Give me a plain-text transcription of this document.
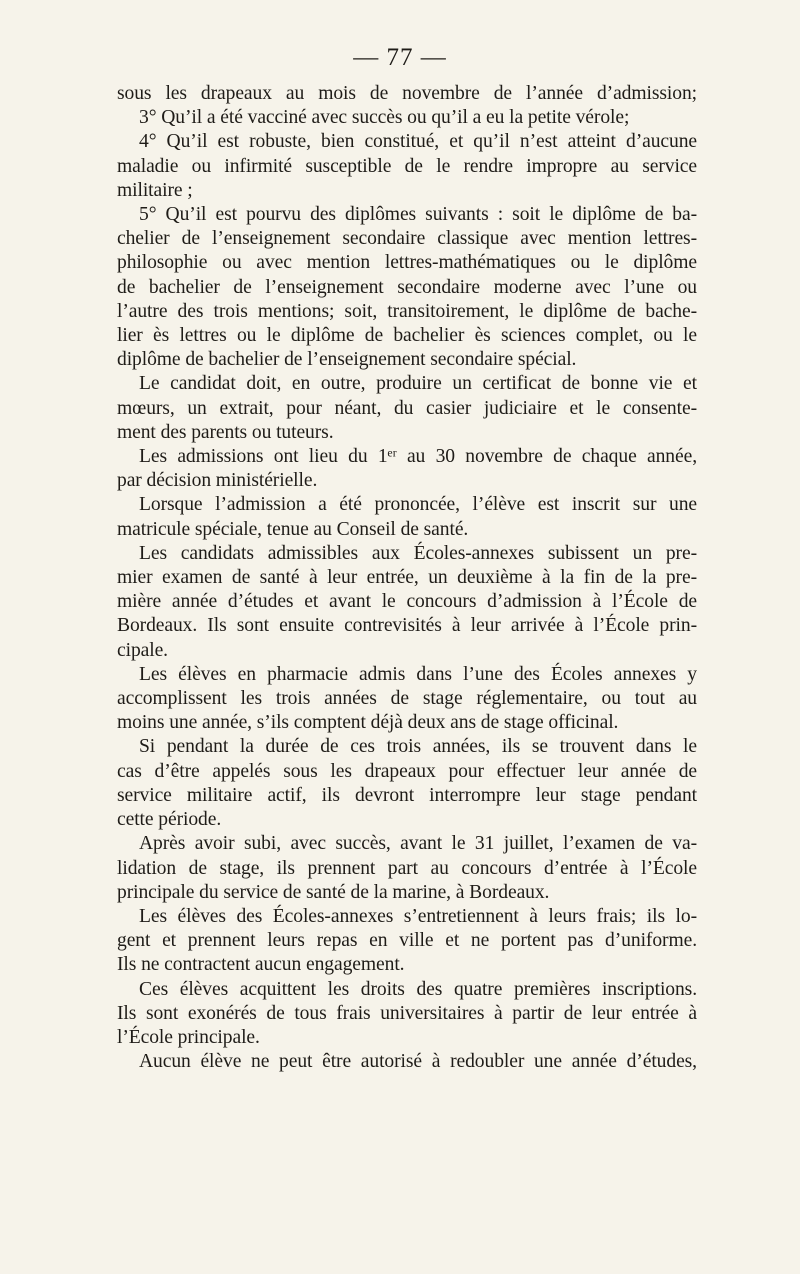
— 77 —
sous les drapeaux au mois de novembre de l’année d’admission;
3° Qu’il a été vacciné avec succès ou qu’il a eu la petite vérole;
4° Qu’il est robuste, bien constitué, et qu’il n’est atteint d’aucune
maladie ou infirmité susceptible de le rendre impropre au service
militaire ;
5° Qu’il est pourvu des diplômes suivants : soit le diplôme de ba-
chelier de l’enseignement secondaire classique avec mention lettres-
philosophie ou avec mention lettres-mathématiques ou le diplôme
de bachelier de l’enseignement secondaire moderne avec l’une ou
l’autre des trois mentions; soit, transitoirement, le diplôme de bache-
lier ès lettres ou le diplôme de bachelier ès sciences complet, ou le
diplôme de bachelier de l’enseignement secondaire spécial.
Le candidat doit, en outre, produire un certificat de bonne vie et
mœurs, un extrait, pour néant, du casier judiciaire et le consente-
ment des parents ou tuteurs.
Les admissions ont lieu du 1ᵉʳ au 30 novembre de chaque année,
par décision ministérielle.
Lorsque l’admission a été prononcée, l’élève est inscrit sur une
matricule spéciale, tenue au Conseil de santé.
Les candidats admissibles aux Écoles-annexes subissent un pre-
mier examen de santé à leur entrée, un deuxième à la fin de la pre-
mière année d’études et avant le concours d’admission à l’École de
Bordeaux. Ils sont ensuite contrevisités à leur arrivée à l’École prin-
cipale.
Les élèves en pharmacie admis dans l’une des Écoles annexes y
accomplissent les trois années de stage réglementaire, ou tout au
moins une année, s’ils comptent déjà deux ans de stage officinal.
Si pendant la durée de ces trois années, ils se trouvent dans le
cas d’être appelés sous les drapeaux pour effectuer leur année de
service militaire actif, ils devront interrompre leur stage pendant
cette période.
Après avoir subi, avec succès, avant le 31 juillet, l’examen de va-
lidation de stage, ils prennent part au concours d’entrée à l’École
principale du service de santé de la marine, à Bordeaux.
Les élèves des Écoles-annexes s’entretiennent à leurs frais; ils lo-
gent et prennent leurs repas en ville et ne portent pas d’uniforme.
Ils ne contractent aucun engagement.
Ces élèves acquittent les droits des quatre premières inscriptions.
Ils sont exonérés de tous frais universitaires à partir de leur entrée à
l’École principale.
Aucun élève ne peut être autorisé à redoubler une année d’études,
